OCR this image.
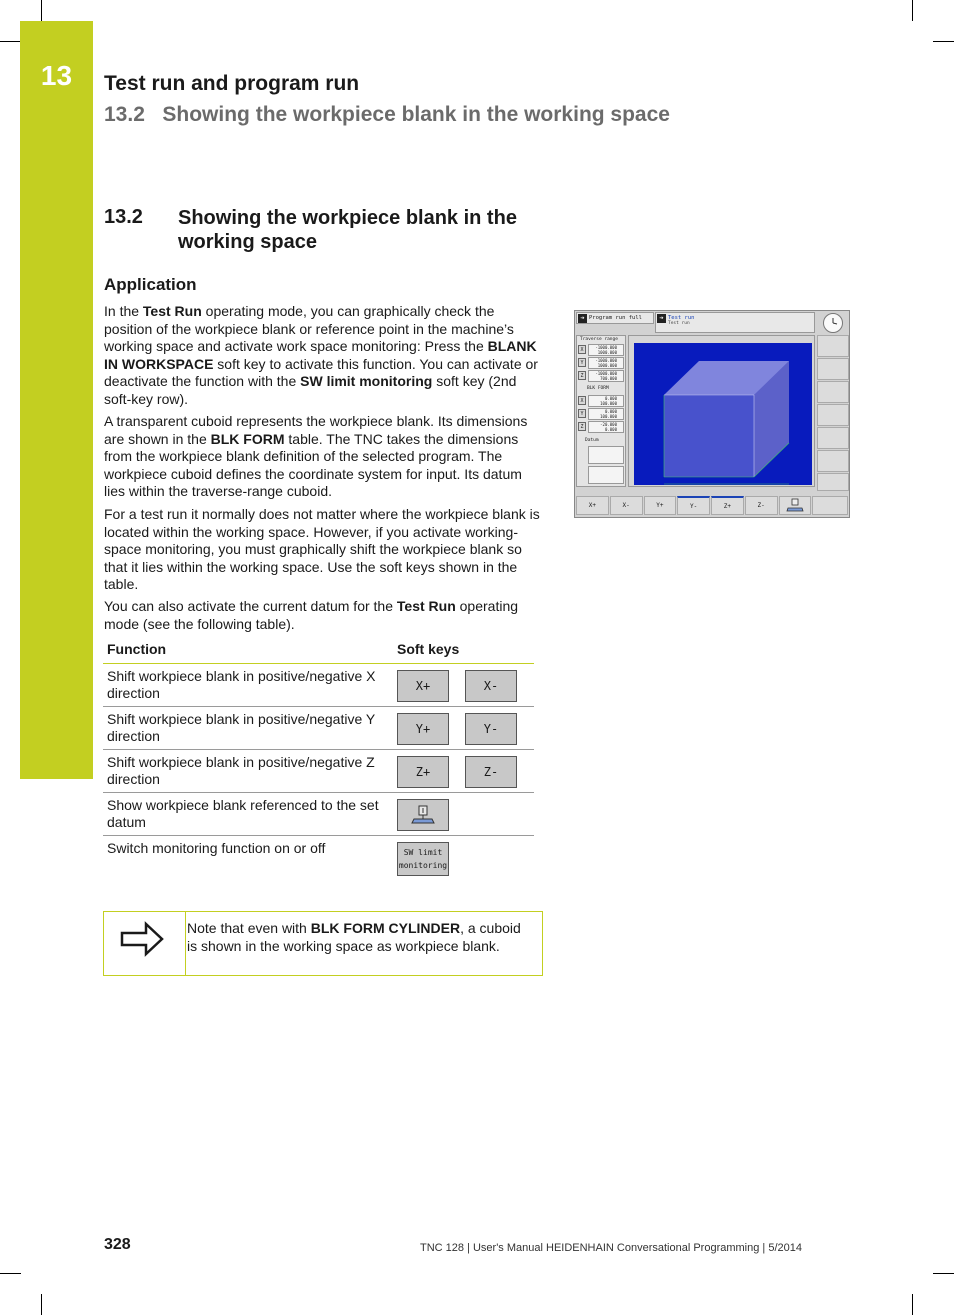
13	Test run and program run
13.2   Showing the workpiece blank in the working space
13.2 Showing the workpiece blank in the working space
Application
In the Test Run operating mode, you can graphically check the position of the workpiece blank or reference point in the machine’s working space and activate work space monitoring: Press the BLANK IN WORKSPACE soft key to activate this function. You can activate or deactivate the function with the SW limit monitoring soft key (2nd soft-key row).
A transparent cuboid represents the workpiece blank. Its dimensions are shown in the BLK FORM table. The TNC takes the dimensions from the workpiece blank definition of the selected program. The workpiece cuboid defines the coordinate system for input. Its datum lies within the traverse-range cuboid.
For a test run it normally does not matter where the workpiece blank is located within the working space. However, if you activate working-space monitoring, you must graphically shift the workpiece blank so that it lies within the working space. Use the soft keys shown in the table.
You can also activate the current datum for the Test Run operating mode (see the following table).
Function	Soft keys
Shift workpiece blank in positive/negative X direction	X+ X-

Shift workpiece blank in positive/negative Y direction	Y+ Y-

Shift workpiece blank in positive/negative Z direction	Z+ Z-

Show workpiece blank referenced to the set datum	

Switch monitoring function on or off	SW limit
monitoring
Note that even with BLK FORM CYLINDER, a cuboid is shown in the working space as workpiece blank.
➔ Program run full	➔ Test run
Test run
Traverse range
X	-1000.000
1000.000
Y	-1000.000
1000.000
Z	-1000.000
700.000
BLK FORM
X	0.000
100.000
Y	0.000
100.000
Z	-20.000
0.000
Datum
X+	X-	Y+	Y-	Z+	Z-
328	TNC 128 | User's Manual HEIDENHAIN Conversational Programming | 5/2014
